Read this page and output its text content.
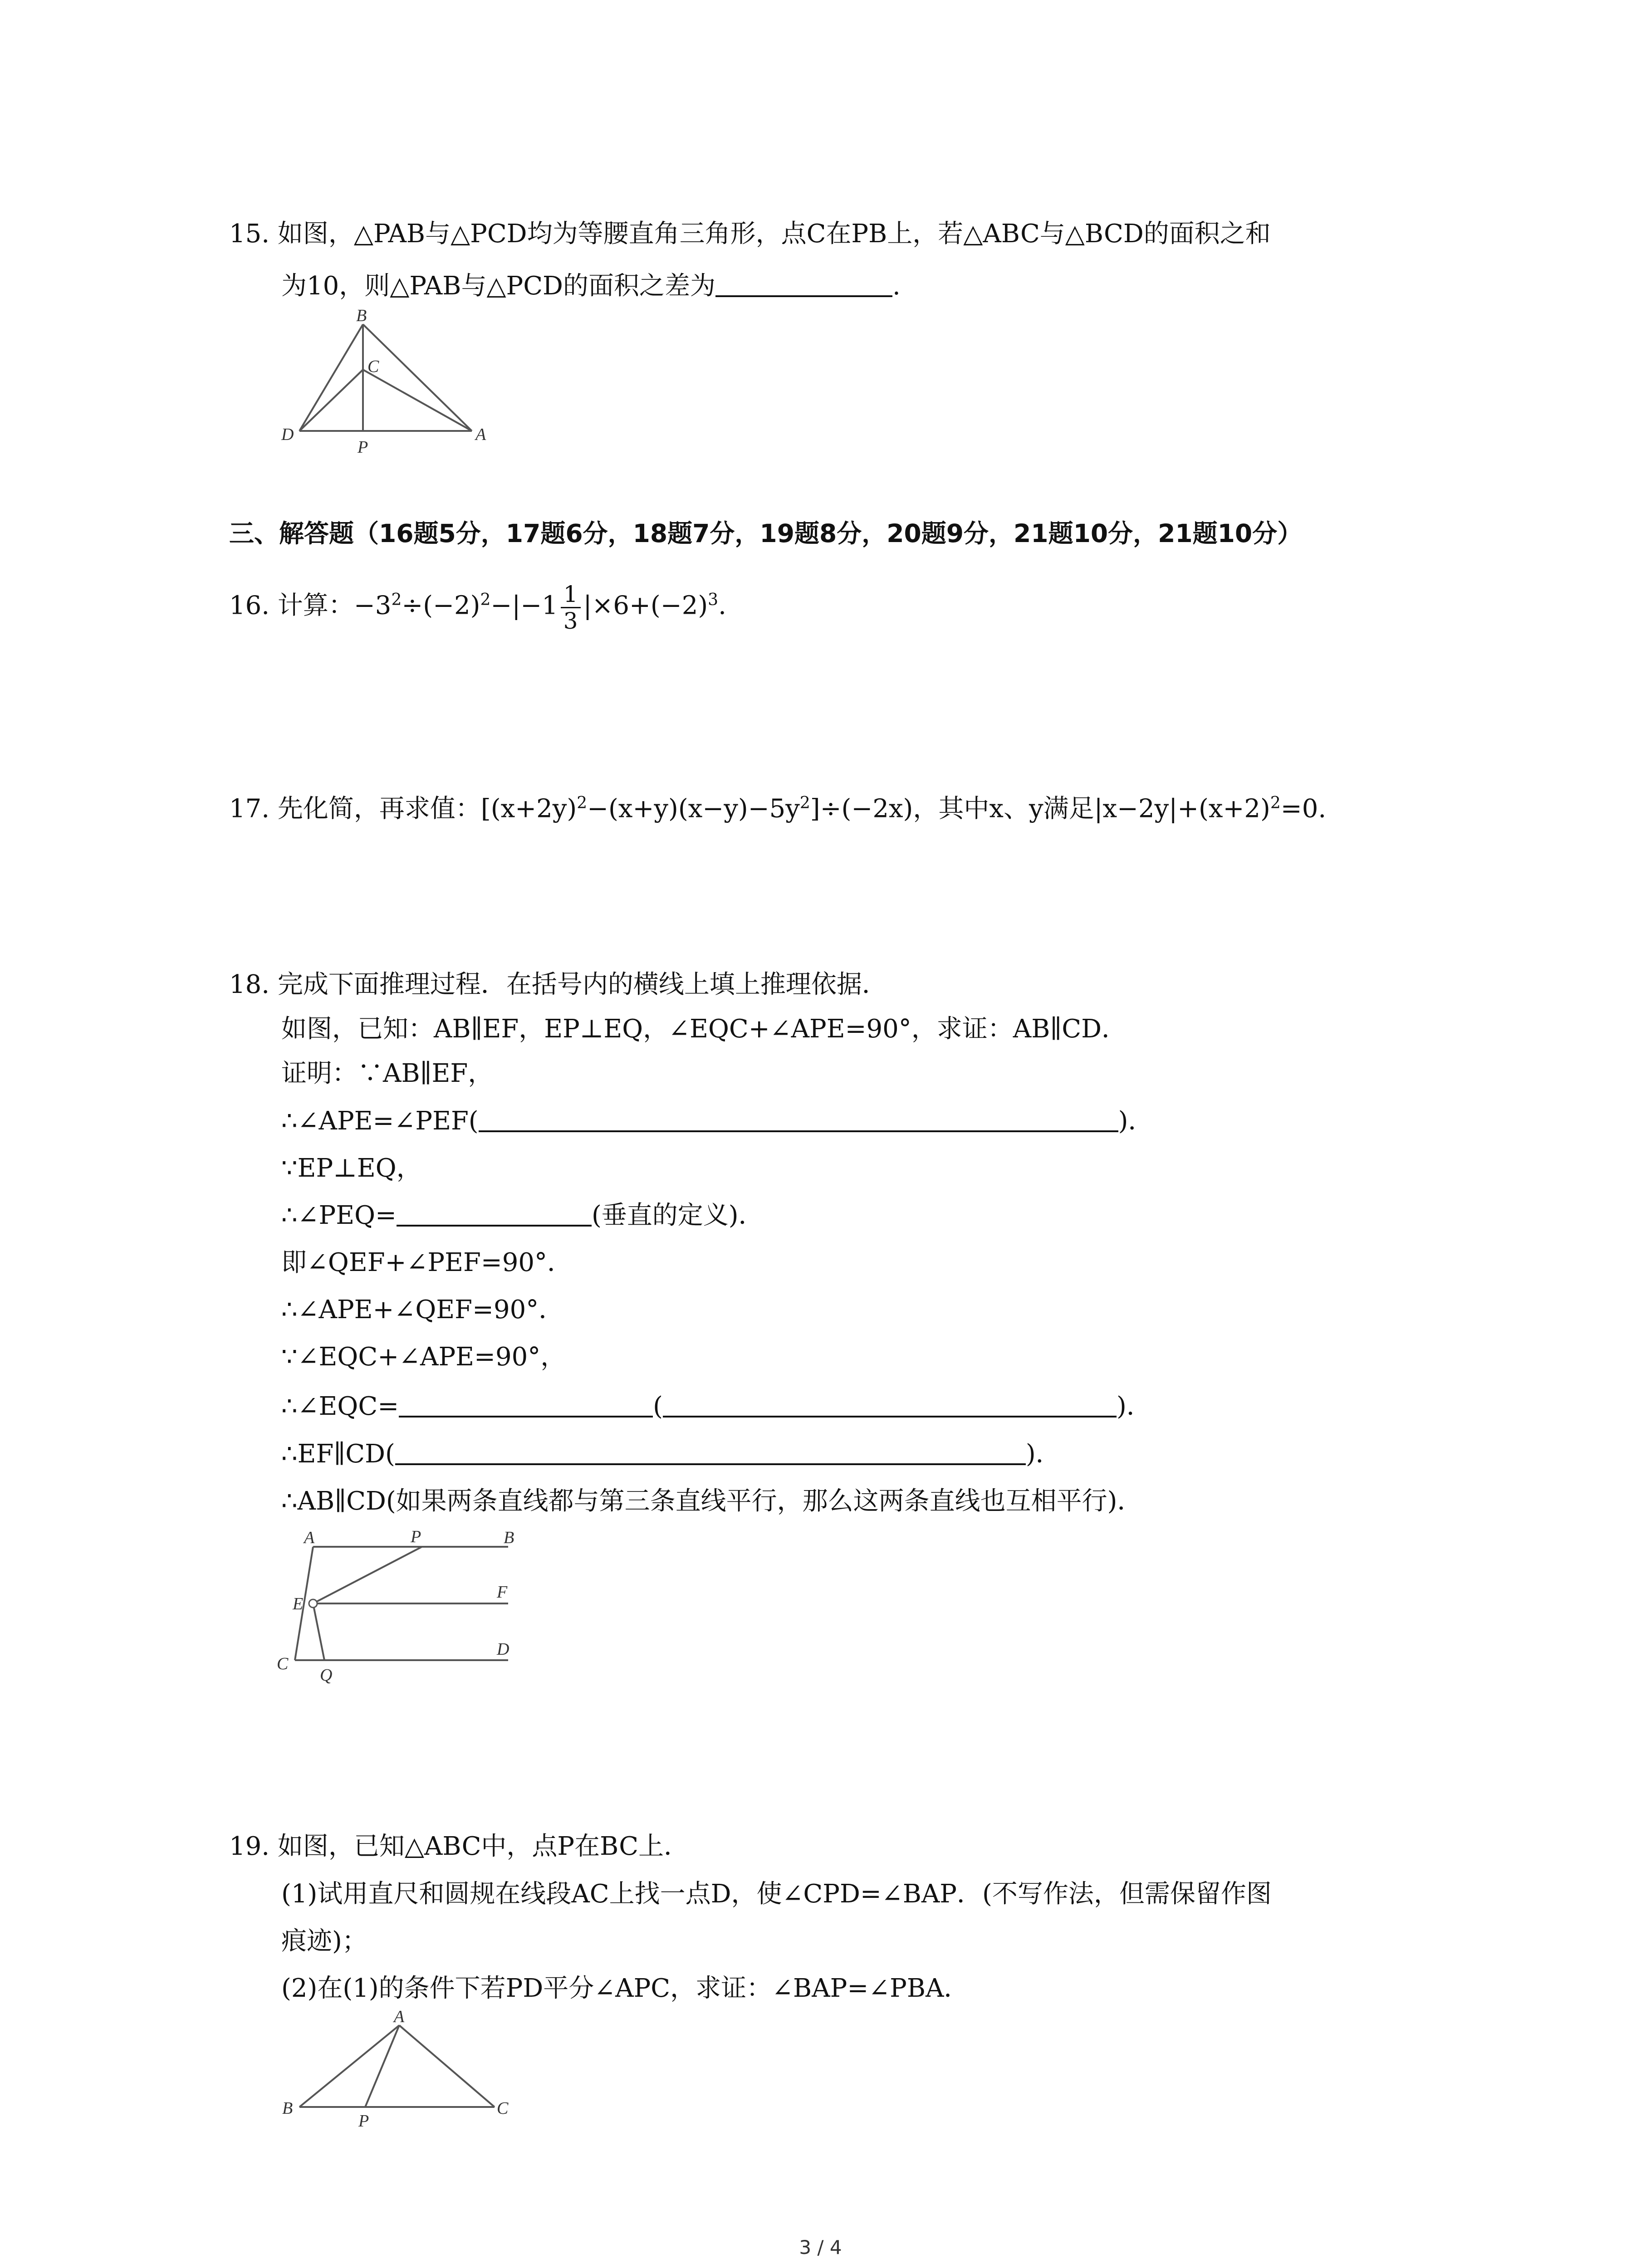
15. 如图，△PAB与△PCD均为等腰直角三角形，点C在PB上，若△ABC与△BCD的面积之和
为10，则△PAB与△PCD的面积之差为	.
B
C
D
P
A
三、解答题（16题5分，17题6分，18题7分，19题8分，20题9分，21题10分，21题10分）
16. 计算：$-3^2\div(-2)^2-|-1 \frac{1}{3} |\times 6+(-2)^3$.
17. 先化简，再求值：$[(x+2y)^2-(x+y)(x-y)-5y^2]\div(-2x)$，其中x、y满足$|x-2y|+(x+2)^2=0$.
18. 完成下面推理过程．在括号内的横线上填上推理依据．
如图，已知：AB∥EF，EP⊥EQ，∠EQC+∠APE=90°，求证：AB∥CD．
证明：∵AB∥EF，
∴∠APE=∠PEF(	)．
∵EP⊥EQ，
∴∠PEQ=	(垂直的定义)．
即∠QEF+∠PEF=90°．
∴∠APE+∠QEF=90°．
∵∠EQC+∠APE=90°，
∴∠EQC=	(	)．
∴EF∥CD(	)．
∴AB∥CD(如果两条直线都与第三条直线平行，那么这两条直线也互相平行)．
A	P	B
E
F
C
Q
D
19. 如图，已知△ABC中，点P在BC上．
(1)试用直尺和圆规在线段AC上找一点D，使∠CPD=∠BAP．(不写作法，但需保留作图
痕迹)；
(2)在(1)的条件下若PD平分∠APC，求证：∠BAP=∠PBA．
A
B
P
C
3 / 4
